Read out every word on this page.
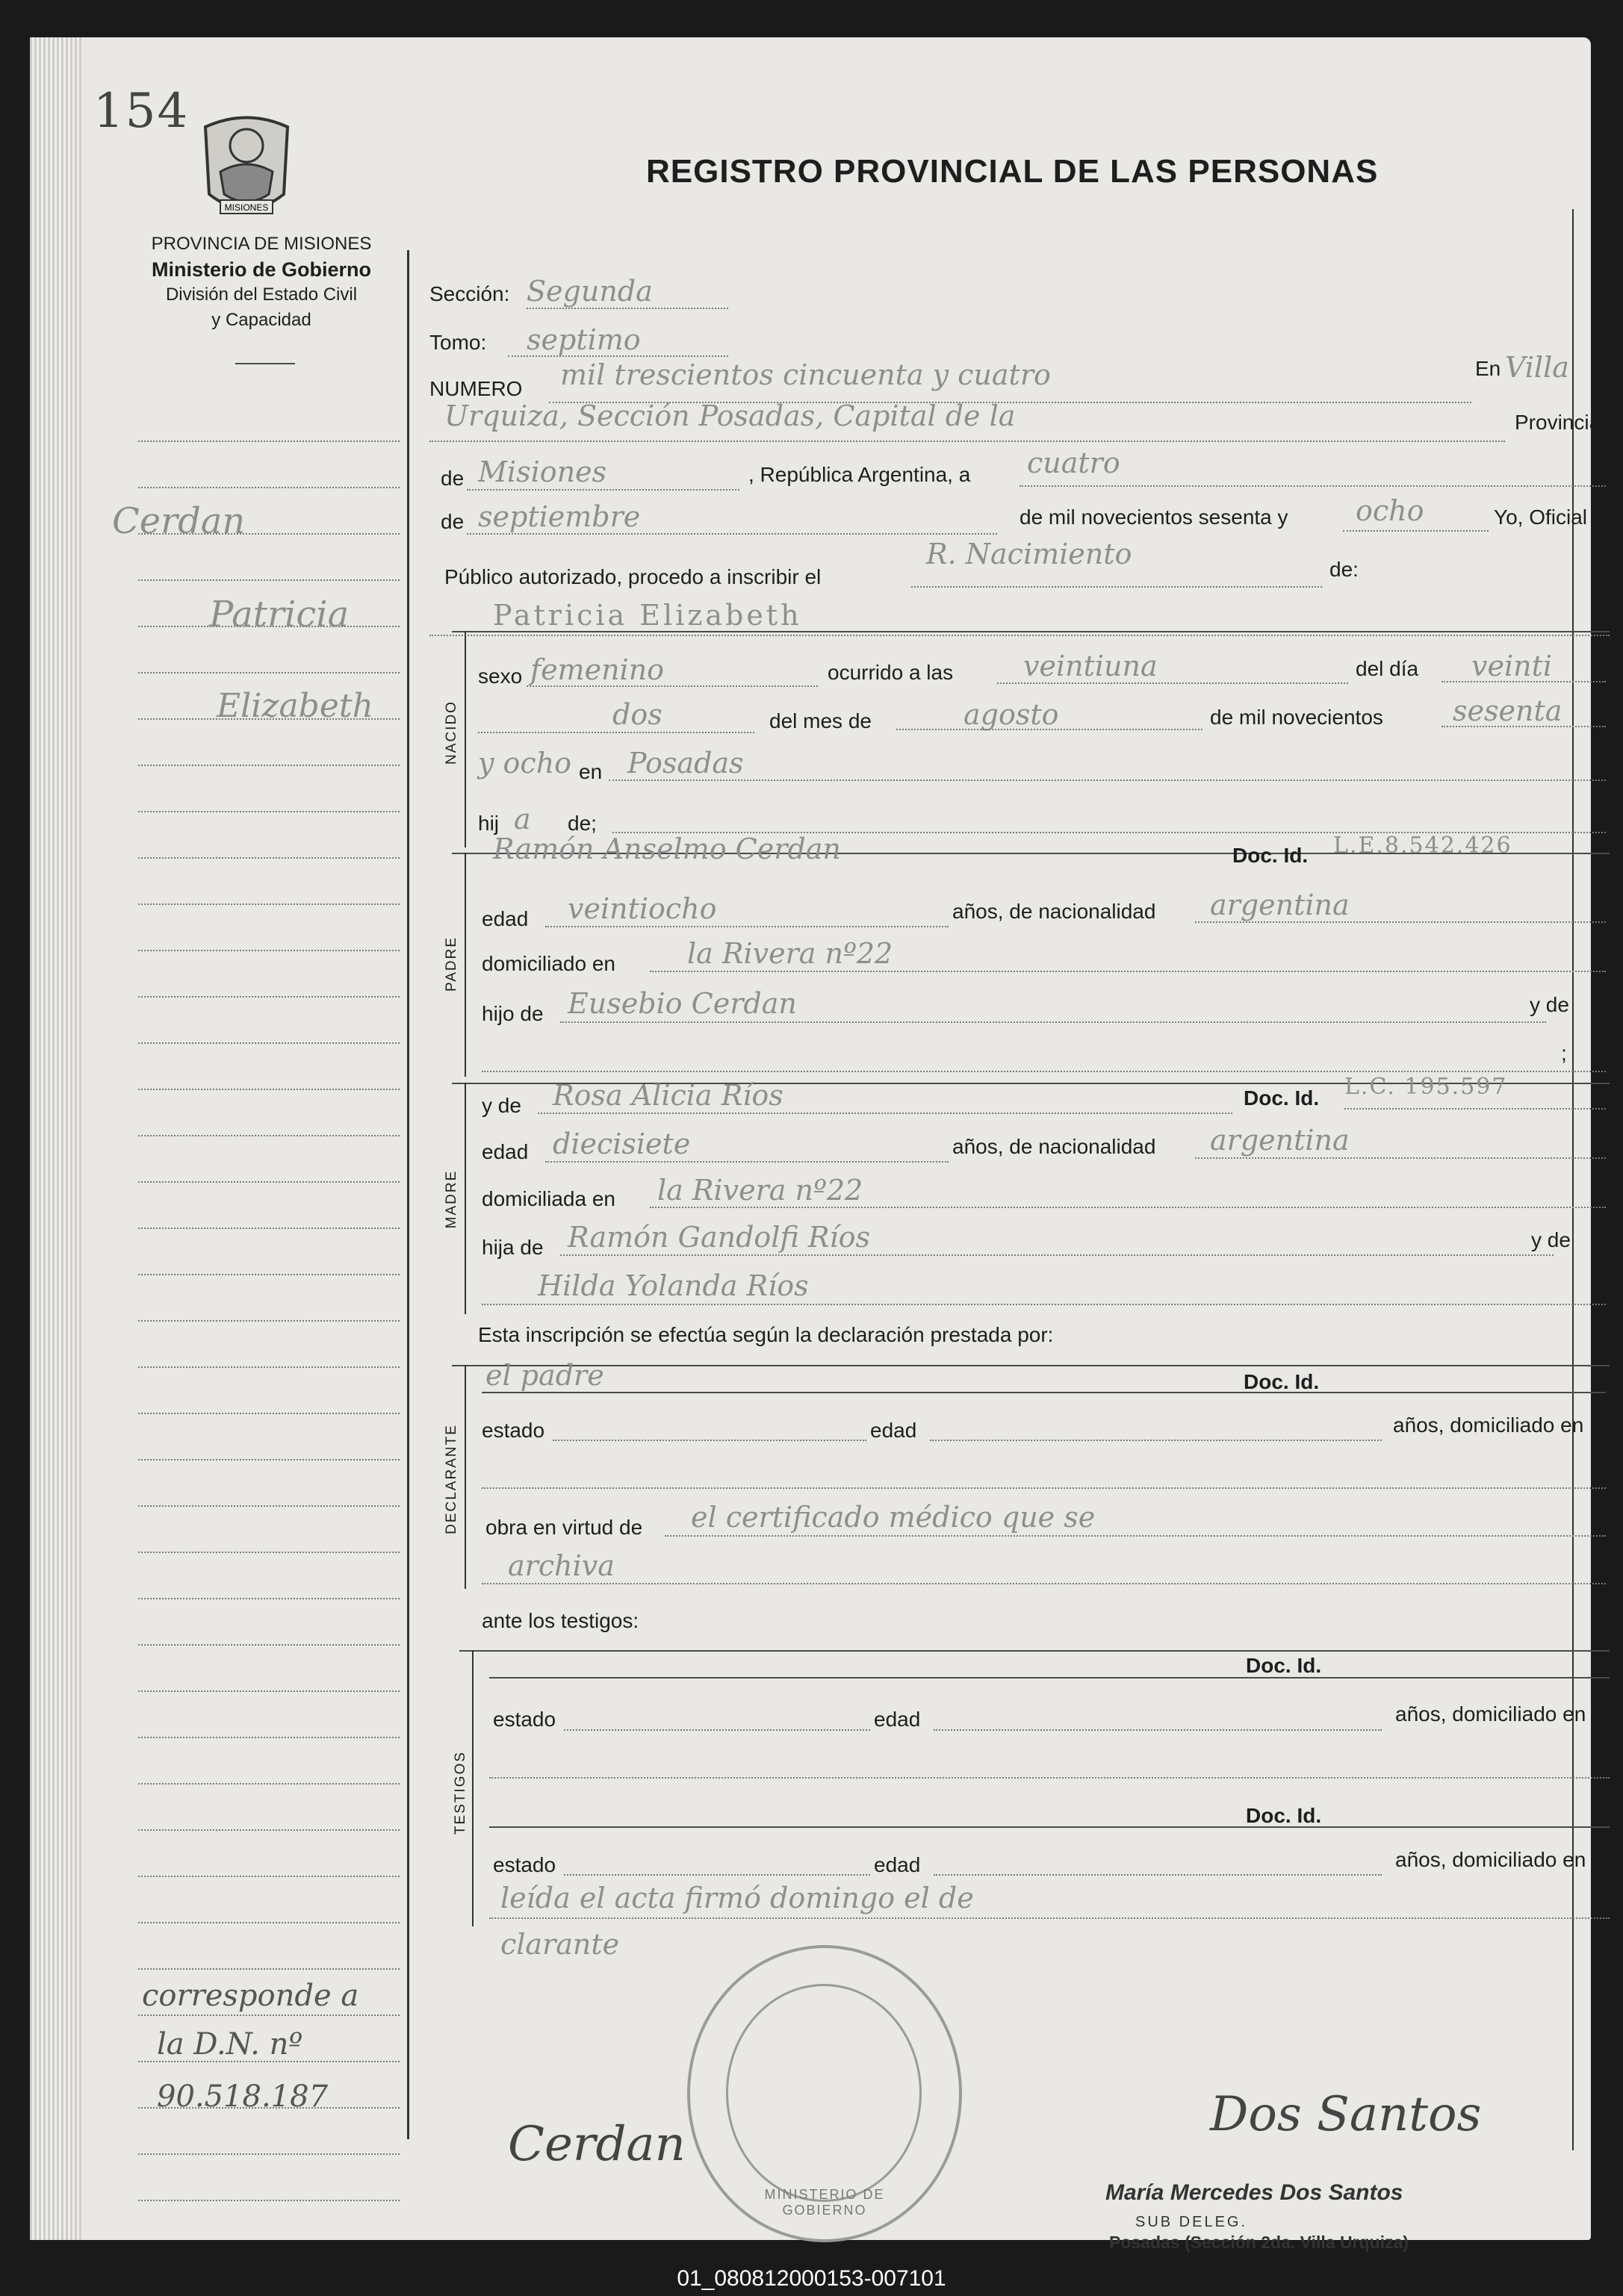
154
MISIONES
PROVINCIA DE MISIONES
Ministerio de Gobierno
División del Estado Civil
y Capacidad
REGISTRO PROVINCIAL DE LAS PERSONAS
Cerdan
Patricia
Elizabeth
corresponde a
la D.N. nº
90.518.187
Sección: Segunda
Tomo: septimo
NUMERO mil trescientos cincuenta y cuatro	En Villa
Urquiza, Sección Posadas, Capital de la	Provincia
de Misiones	, República Argentina, a cuatro
de septiembre	de mil novecientos sesenta y ocho	Yo, Oficial
Público autorizado, procedo a inscribir el
R. Nacimiento	de:
Patricia Elizabeth
NACIDO
sexo femenino	ocurrido a las veintiuna	del día veinti
dos	del mes de	agosto	de mil novecientos sesenta
y ocho en Posadas
hij a de;
PADRE
Ramón Anselmo Cerdan	Doc. Id. L.E.8.542.426
edad veintiocho	años, de nacionalidad argentina
domiciliado en	la Rivera nº22
hijo de Eusebio Cerdan	y de
;
MADRE
y de Rosa Alicia Ríos	Doc. Id. L.C. 195.597
edad diecisiete	años, de nacionalidad argentina
domiciliada en la Rivera nº22
hija de Ramón Gandolfi Ríos	y de
Hilda Yolanda Ríos
Esta inscripción se efectúa según la declaración prestada por:
DECLARANTE
el padre	Doc. Id.
estado	edad	años, domiciliado en
obra en virtud de el certificado médico que se
archiva
ante los testigos:
TESTIGOS
Doc. Id.
estado	edad	años, domiciliado en
Doc. Id.
estado	edad	años, domiciliado en
leída el acta firmó domingo el de
clarante
MINISTERIO DE GOBIERNO
Cerdan
Dos Santos
María Mercedes Dos Santos
SUB DELEG.
Posadas (Sección 2da. Villa Urquiza)
01_080812000153-007101
